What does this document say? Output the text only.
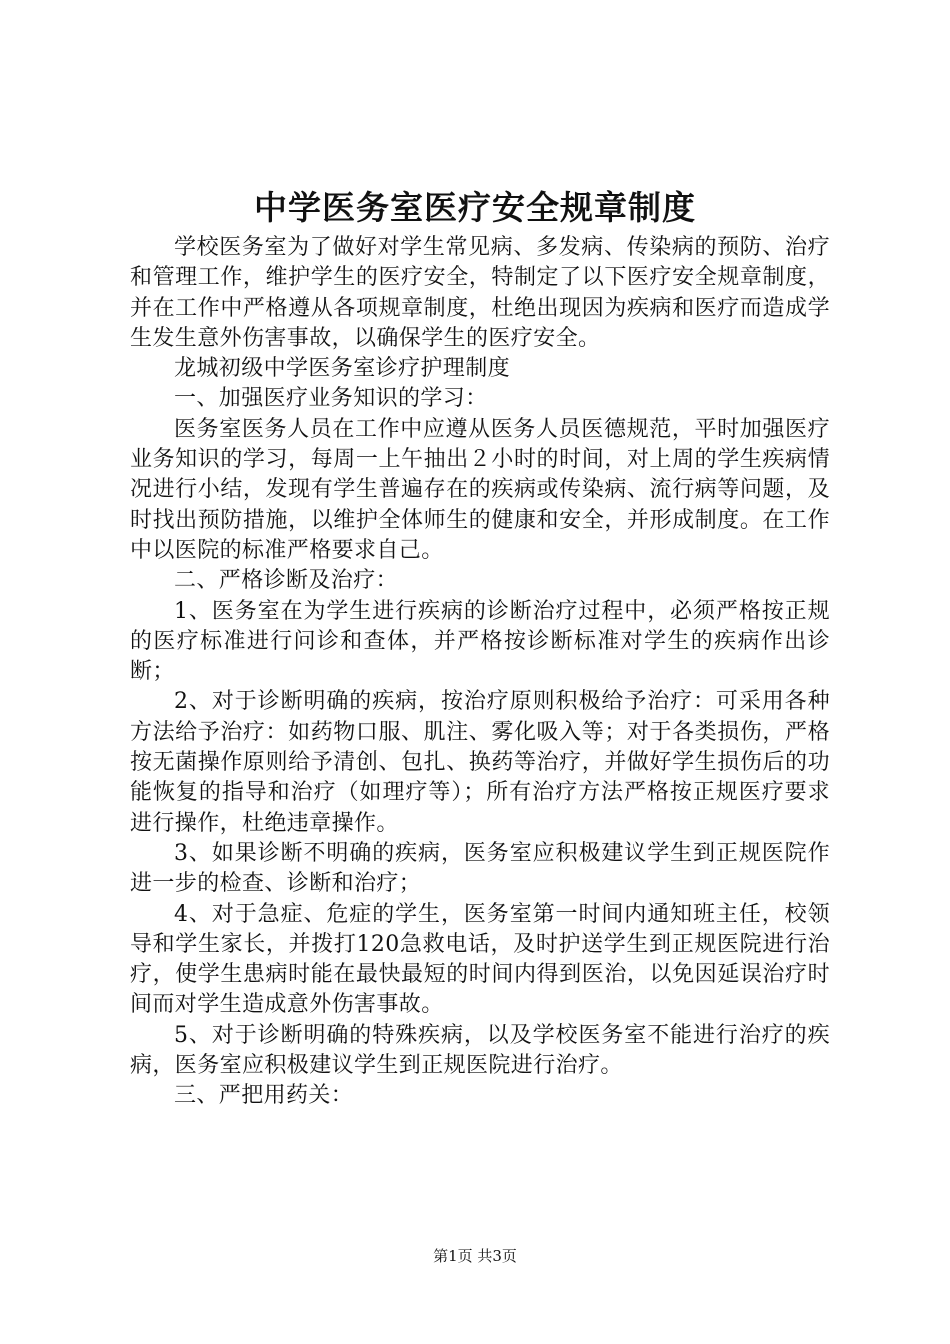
中学医务室医疗安全规章制度

学校医务室为了做好对学生常见病、多发病、传染病的预防、治疗和管理工作，维护学生的医疗安全，特制定了以下医疗安全规章制度，并在工作中严格遵从各项规章制度，杜绝出现因为疾病和医疗而造成学生发生意外伤害事故，以确保学生的医疗安全。

龙城初级中学医务室诊疗护理制度

一、加强医疗业务知识的学习：

医务室医务人员在工作中应遵从医务人员医德规范，平时加强医疗业务知识的学习，每周一上午抽出２小时的时间，对上周的学生疾病情况进行小结，发现有学生普遍存在的疾病或传染病、流行病等问题，及时找出预防措施，以维护全体师生的健康和安全，并形成制度。在工作中以医院的标准严格要求自己。

二、严格诊断及治疗：

1、医务室在为学生进行疾病的诊断治疗过程中，必须严格按正规的医疗标准进行问诊和查体，并严格按诊断标准对学生的疾病作出诊断；

2、对于诊断明确的疾病，按治疗原则积极给予治疗：可采用各种方法给予治疗：如药物口服、肌注、雾化吸入等；对于各类损伤，严格按无菌操作原则给予清创、包扎、换药等治疗，并做好学生损伤后的功能恢复的指导和治疗（如理疗等）；所有治疗方法严格按正规医疗要求进行操作，杜绝违章操作。

3、如果诊断不明确的疾病，医务室应积极建议学生到正规医院作进一步的检查、诊断和治疗；

4、对于急症、危症的学生，医务室第一时间内通知班主任，校领导和学生家长，并拨打120急救电话，及时护送学生到正规医院进行治疗，使学生患病时能在最快最短的时间内得到医治，以免因延误治疗时间而对学生造成意外伤害事故。

5、对于诊断明确的特殊疾病，以及学校医务室不能进行治疗的疾病，医务室应积极建议学生到正规医院进行治疗。

三、严把用药关：

第1页 共3页
